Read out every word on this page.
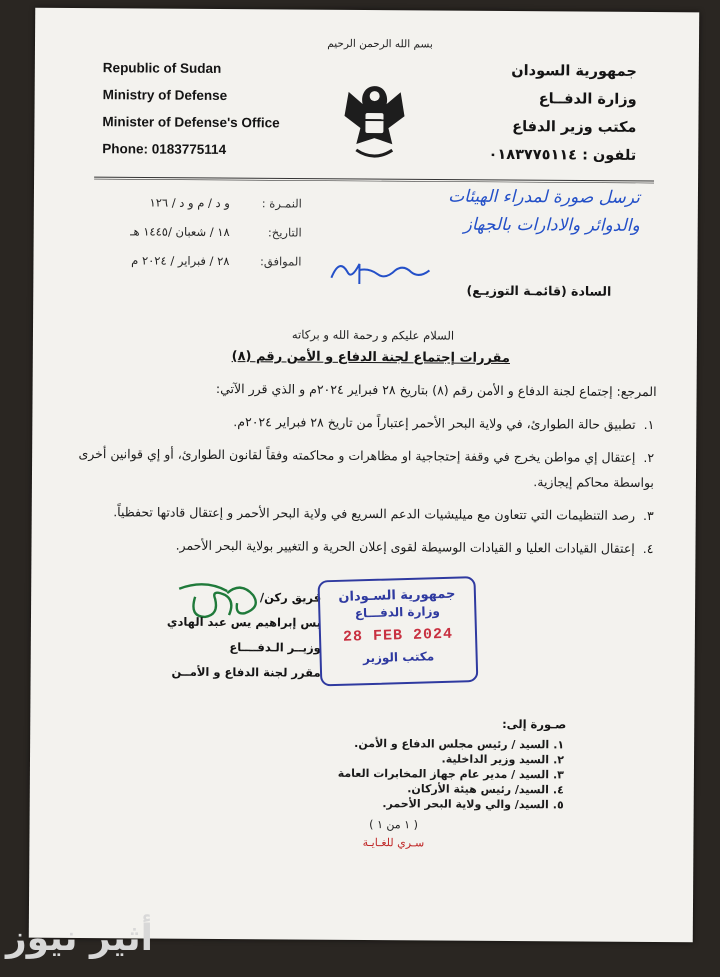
بسم الله الرحمن الرحيم
Republic of Sudan
Ministry of Defense
Minister of Defense's Office
Phone: 0183775114
جمهورية السودان
وزارة الدفــاع
مكتب وزير الدفاع
تلفون : ٠١٨٣٧٧٥١١٤
النمـرة :و د / م و د / ١٢٦
التاريخ:١٨ / شعبان /١٤٤٥ هـ
الموافق:٢٨ / فبراير / ٢٠٢٤ م
ترسل صورة لمدراء الهيئات
والدوائر والادارات بالجهاز
السادة (قائمـة التوزيـع)
السلام عليكم و رحمة الله و بركاته
مقررات إجتماع لجنة الدفاع و الأمن رقم (٨)
المرجع: إجتماع لجنة الدفاع و الأمن رقم (٨) بتاريخ ٢٨ فبراير ٢٠٢٤م و الذي قرر الآتي:
١.تطبيق حالة الطوارئ، في ولاية البحر الأحمر إعتباراً من تاريخ ٢٨ فبراير ٢٠٢٤م.
٢.إعتقال إي مواطن يخرج في وقفة إحتجاجية او مظاهرات و محاكمته وفقاً لقانون الطوارئ، أو إي قوانين أخرى بواسطة محاكم إيجازية.
٣.رصد التنظيمات التي تتعاون مع ميليشيات الدعم السريع في ولاية البحر الأحمر و إعتقال قادتها تحفظياً.
٤.إعتقال القيادات العليا و القيادات الوسيطة لقوى إعلان الحرية و التغيير بولاية البحر الأحمر.
فريق ركن/
يس إبراهيم يس عبد الهادي
وزيــر الـدفــــاع
مقرر لجنة الدفاع و الأمــن
جمهورية السـودان
وزارة الدفـــاع
28 FEB 2024
مكتب الوزير
صـورة إلى:
١.السيد / رئيس مجلس الدفاع و الأمن.
٢.السيد وزير الداخلية.
٣.السيد / مدير عام جهاز المخابرات العامة
٤.السيد/ رئيس هيئة الأركان.
٥.السيد/ والي ولاية البحر الأحمر.
( ١ من ١ )
سـري للغـايـة
أثير نيوز
